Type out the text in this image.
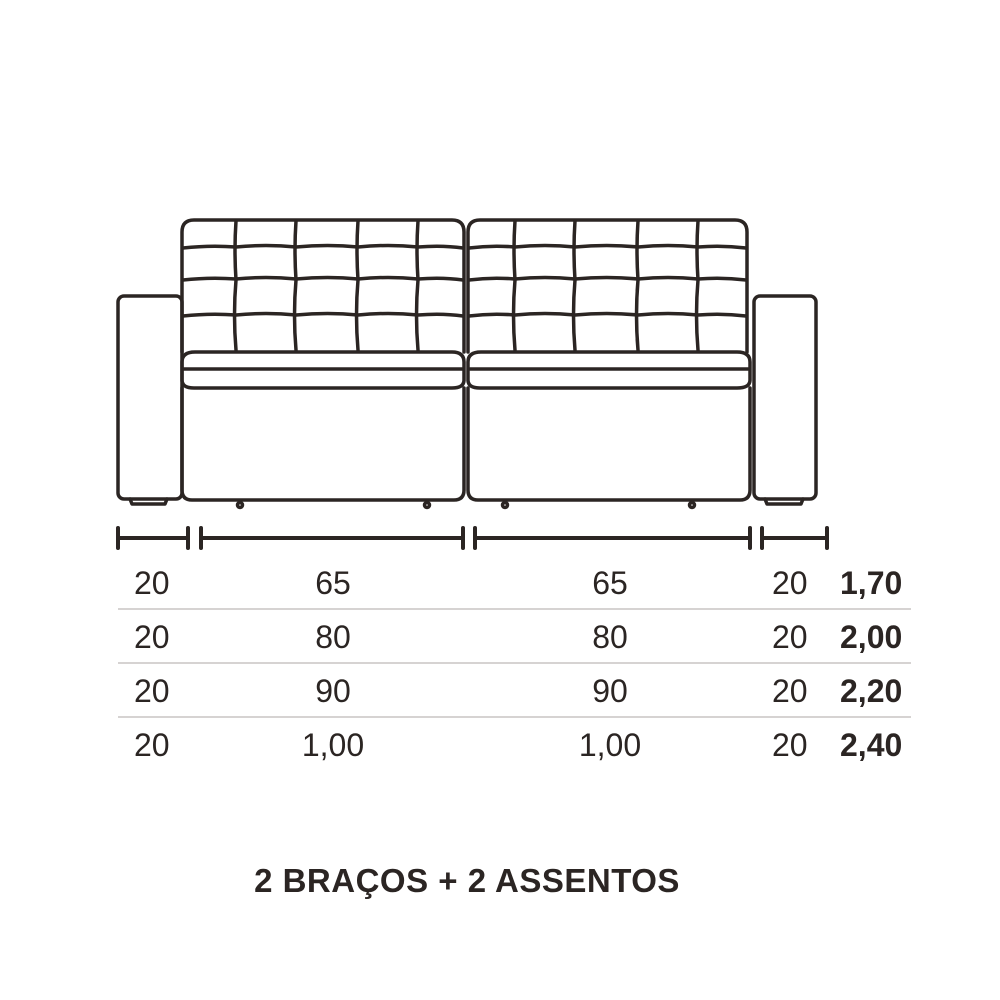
20	65	65	20 1,70
20	80	80	20 2,00
20	90	90	20 2,20
20	1,00	1,00	20 2,40
2 BRAÇOS + 2 ASSENTOS
